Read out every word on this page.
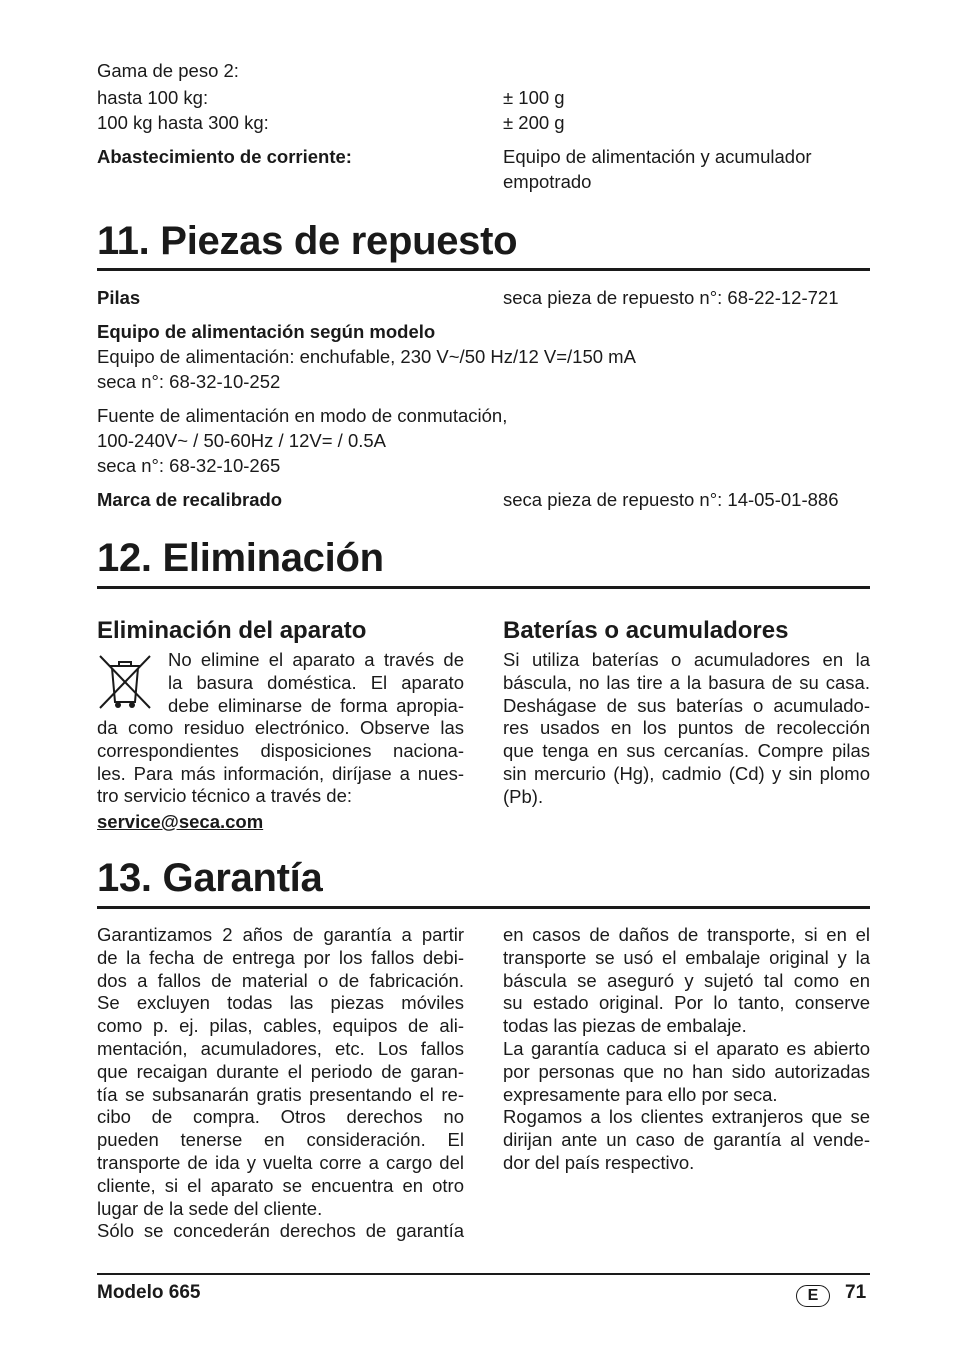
Gama de peso 2:
hasta 100 kg:	± 100 g
100 kg hasta 300 kg:	± 200 g
Abastecimiento de corriente:	Equipo de alimentación y acumulador
empotrado
11. Piezas de repuesto
Pilas	seca pieza de repuesto n°: 68-22-12-721
Equipo de alimentación según modelo
Equipo de alimentación: enchufable, 230 V~/50 Hz/12 V=/150 mA
seca n°: 68-32-10-252
Fuente de alimentación en modo de conmutación,
100-240V~ / 50-60Hz / 12V= / 0.5A
seca n°: 68-32-10-265
Marca de recalibrado	seca pieza de repuesto n°: 14-05-01-886
12. Eliminación
Eliminación del aparato
No elimine el aparato a través de
la basura doméstica. El aparato
debe eliminarse de forma apropia-
da como residuo electrónico. Observe las
correspondientes disposiciones naciona-
les. Para más información, diríjase a nues-
tro servicio técnico a través de:
service@seca.com
Baterías o acumuladores
Si utiliza baterías o acumuladores en la
báscula, no las tire a la basura de su casa.
Deshágase de sus baterías o acumulado-
res usados en los puntos de recolección
que tenga en sus cercanías. Compre pilas
sin mercurio (Hg), cadmio (Cd) y sin plomo
(Pb).
13. Garantía
Garantizamos 2 años de garantía a partir
de la fecha de entrega por los fallos debi-
dos a fallos de material o de fabricación.
Se excluyen todas las piezas móviles
como p. ej. pilas, cables, equipos de ali-
mentación, acumuladores, etc. Los fallos
que recaigan durante el periodo de garan-
tía se subsanarán gratis presentando el re-
cibo de compra. Otros derechos no
pueden tenerse en consideración. El
transporte de ida y vuelta corre a cargo del
cliente, si el aparato se encuentra en otro
lugar de la sede del cliente.
Sólo se concederán derechos de garantía
en casos de daños de transporte, si en el
transporte se usó el embalaje original y la
báscula se aseguró y sujetó tal como en
su estado original. Por lo tanto, conserve
todas las piezas de embalaje.
La garantía caduca si el aparato es abierto
por personas que no han sido autorizadas
expresamente para ello por seca.
Rogamos a los clientes extranjeros que se
dirijan ante un caso de garantía al vende-
dor del país respectivo.
Modelo 665	E	71
